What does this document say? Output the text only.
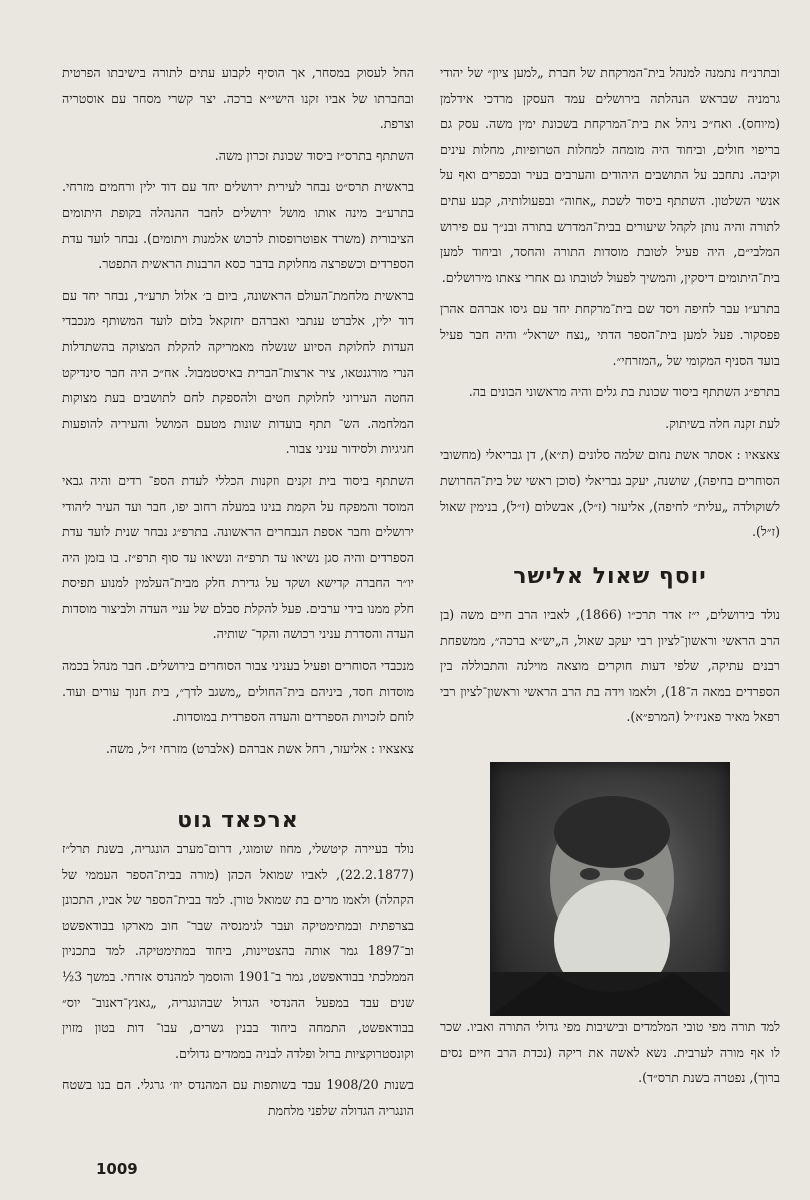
ובתרנ״ח נתמנה למנהל בית־המרקחת של חברת „למען ציון״ של יהודי גרמניה שבראש הנהלתה בירושלים עמד העסקן מרדכי אידלמן (מיוחס). ואח״כ ניהל את בית־המרקחת בשכונת ימין משה. עסק גם בריפוי חולים, וביחוד היה מומחה למחלות הטרופיות, מחלות עינים וקיבה. נתחבב על התושבים היהודים והערבים בעיר ובכפרים ואף על אנשי השלטון. השתתף ביסוד לשכת „אחוה״ ובפעולותיה, קבע עתים לתורה והיה נותן לקהל שיעורים בבית־המדרש בתורה ובנ״ך עם פירוש המלבי״ם, היה פעיל לטובת מוסדות התורה והחסד, וביחוד למען בית־היתומים דיסקין, והמשיך לפעול לטובתו גם אחרי צאתו מירושלים.

בתרע״ו עבר לחיפה ויסד שם בית־מרקחת יחד עם גיסו אברהם אהרן פפסקור. פעל למען בית־הספר הדתי „נצח ישראל״ והיה חבר פעיל בועד הסניף המקומי של „המזרחי״.

בתרפ״ג השתתף ביסוד שכונת בת גלים והיה מראשוני הבונים בה.

לעת זקנה חלה בשיתוק.

צאצאיו : אסתר אשת נחום שלמה סלונים (ת״א), דן גבריאלי (מחשובי הסוחרים בחיפה), שושנה, יעקב גבריאלי (סוכן ראשי של בית־החרושת לשוקולדה „עלית״ לחיפה), אליעזר (ז״ל), אבשלום (ז״ל), בנימין שאול (ז״ל).

יוסף שאול אלישר

נולד בירושלים, י״ז אדר תרכ״ו (1866), לאביו הרב חיים משה (בן הרב הראשי וראשון־לציון רבי יעקב שאול, ה„יש״א ברכה״, ממשפחת רבנים עתיקה, שלפי דעות חוקרים מוצאה מוילנה והתבוללה בין הספרדים במאה ה־18), ולאמו וידה בת הרב הראשי וראשון־לציון רבי רפאל מאיר פאניז׳יל (המרפ״א).

למד תורה מפי טובי המלמדים ובישיבות מפי גדולי התורה ואביו. שכר לו אף מורה לערבית. נשא לאשה את ריקה (נכדת הרב חיים נסים ברוך), נפטרה בשנת תרס״ד).

החל לעסוק במסחר, אך הוסיף לקבוע עתים לתורה בישיבתו הפרטית ובחברתו של אביו זקנו הישי״א ברכה. יצר קשרי מסחר עם אוסטריה וצרפת.

השתתף בתרס״ז ביסוד שכונת זכרון משה.

בראשית תרס״ט נבחר לעירית ירושלים יחד עם דוד ילין ורחמים מזרחי. בתרע״ב מינה אותו מושל ירושלים לחבר ההנהלה בקופת היתומים הציבורית (משרד אפוטרופסות לרכוש אלמנות ויתומים). נבחר לועד עדת הספרדים וכשפרצה מחלוקת בדבר כסא הרבנות הראשית התפטר.

בראשית מלחמת־העולם הראשונה, ביום ב׳ אלול תרע״ד, נבחר יחד עם דוד ילין, אלברט ענתבי ואברהם יחזקאל בלום לועד המשותף מנכבדי העדות לחלוקת הסיוע שנשלח מאמריקה להקלת המצוקה בהשתדלות הנרי מורגנטאו, ציר ארצות־הברית באיסטמבול. אח״כ היה חבר סינדיקט החטה העירוני לחלוקת חטים ולהספקת לחם לתושבים בעת מצוקות המלחמה. הש־ תתף בועדות שונות מטעם המושל והעיריה להופעות חגיגיות ולסידור עניני צבור.

השתתף ביסוד בית זקנים וזקנות הכללי לעדת הספ־ רדים והיה גבאי המוסד והמפקח על הקמת בנינו במעלה רחוב יפו, חבר ועד העיר ליהודי ירושלים וחבר אספת הנבחרים הראשונה. בתרפ״ג נבחר שנית לועד עדת הספרדים והיה סגן נשיאו עד תרפ״ה ונשיאו עד סוף תרפ״ז. בו בזמן היה יו״ר החברה קדישא ושקד על גדירת חלק מבית־העלמין למנוע תפיסת חלק ממנו בידי ערבים. פעל להקלת סבלם של עניי העדה ולביצור מוסדות העדה והסדרת עניני רכושה והקד־ שותיה.

מנכבדי הסוחרים ופעיל בעניני צבור הסוחרים בירושלים. חבר מנהל בכמה מוסדות חסד, ביניהם בית־החולים „משגב לדך״, בית חנוך עורים ועוד. לוחם לזכויות הספרדים והעדה הספרדית במוסדות.

צאצאיו : אליעזר, רחל אשת אברהם (אלברט) מזרחי ז״ל, משה.

ארפאד גוט

נולד בעיירה קיטשלי, מחוז שומוגי, דרום־מערב הונגריה, בשנת תרל״ז (22.2.1877), לאביו שמואל הכהן (מורה בבית־הספר העממי של הקהלה) ולאמו מרים בת שמואל טורן. למד בבית־הספר של אביו, התכונן בצרפתית ובמתימטיקה ועבר לגימנסיה שבר־ חוב מארקו בבודאפשט וב־1897 גמר אותה בהצטיינות, ביחוד במתימטיקה. למד בתכניון הממלכתי בבודאפשט, גמר ב־1901 והוסמך למהנדס אזרחי. במשך 3½ שנים עבד במפעל ההנדסי הגדול שבהונגריה, „גאנץ־דאנוב־ יוס״ בבודאפשט, התמחה ביחוד בבנין גשרים, עבו־ דות בטון מזוין וקונסטרוקציות ברזל ופלדה לבניה בממדים גדולים.

בשנות 1908/20 עבד בשותפות עם המהנדס יוז׳ גרגלי. הם בנו בשטח הונגריה הגדולה שלפני מלחמת

1009
